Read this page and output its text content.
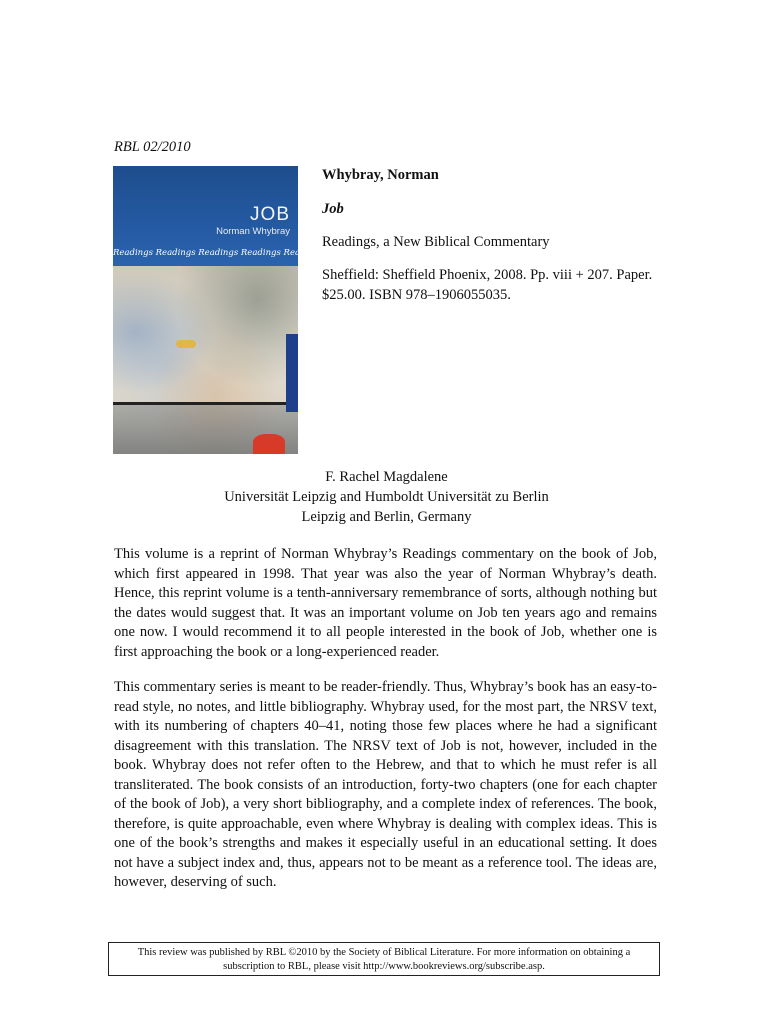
RBL 02/2010
JOB
Norman Whybray
Readings Readings Readings Readings Readings Readings
Whybray, Norman
Job
Readings, a New Biblical Commentary
Sheffield: Sheffield Phoenix, 2008. Pp. viii + 207. Paper. $25.00. ISBN 978–1906055035.
F. Rachel Magdalene
Universität Leipzig and Humboldt Universität zu Berlin
Leipzig and Berlin, Germany

This volume is a reprint of Norman Whybray’s Readings commentary on the book of Job, which first appeared in 1998. That year was also the year of Norman Whybray’s death. Hence, this reprint volume is a tenth-anniversary remembrance of sorts, although nothing but the dates would suggest that. It was an important volume on Job ten years ago and remains one now. I would recommend it to all people interested in the book of Job, whether one is first approaching the book or a long-experienced reader.

This commentary series is meant to be reader-friendly. Thus, Whybray’s book has an easy-to-read style, no notes, and little bibliography. Whybray used, for the most part, the NRSV text, with its numbering of chapters 40–41, noting those few places where he had a significant disagreement with this translation. The NRSV text of Job is not, however, included in the book. Whybray does not refer often to the Hebrew, and that to which he must refer is all transliterated. The book consists of an introduction, forty-two chapters (one for each chapter of the book of Job), a very short bibliography, and a complete index of references. The book, therefore, is quite approachable, even where Whybray is dealing with complex ideas. This is one of the book’s strengths and makes it especially useful in an educational setting. It does not have a subject index and, thus, appears not to be meant as a reference tool. The ideas are, however, deserving of such.

This review was published by RBL ©2010 by the Society of Biblical Literature. For more information on obtaining a
subscription to RBL, please visit http://www.bookreviews.org/subscribe.asp.
